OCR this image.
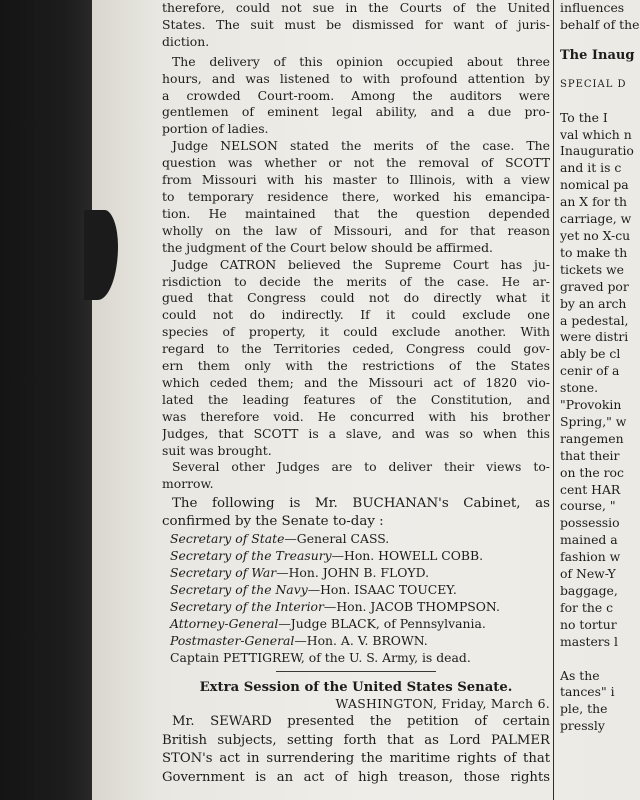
therefore, could not sue in the Courts of the United
States. The suit must be dismissed for want of juris-
diction.

The delivery of this opinion occupied about three
hours, and was listened to with profound attention by
a crowded Court-room. Among the auditors were
gentlemen of eminent legal ability, and a due pro-
portion of ladies.

Judge NELSON stated the merits of the case. The
question was whether or not the removal of SCOTT
from Missouri with his master to Illinois, with a view
to temporary residence there, worked his emancipa-
tion. He maintained that the question depended
wholly on the law of Missouri, and for that reason
the judgment of the Court below should be affirmed.

Judge CATRON believed the Supreme Court has ju-
risdiction to decide the merits of the case. He ar-
gued that Congress could not do directly what it
could not do indirectly. If it could exclude one
species of property, it could exclude another. With
regard to the Territories ceded, Congress could gov-
ern them only with the restrictions of the States
which ceded them; and the Missouri act of 1820 vio-
lated the leading features of the Constitution, and
was therefore void. He concurred with his brother
Judges, that SCOTT is a slave, and was so when this
suit was brought.

Several other Judges are to deliver their views to-
morrow.

The following is Mr. BUCHANAN's Cabinet, as
confirmed by the Senate to-day :

Secretary of State—General CASS.
Secretary of the Treasury—Hon. HOWELL COBB.
Secretary of War—Hon. JOHN B. FLOYD.
Secretary of the Navy—Hon. ISAAC TOUCEY.
Secretary of the Interior—Hon. JACOB THOMPSON.
Attorney-General—Judge BLACK, of Pennsylvania.
Postmaster-General—Hon. A. V. BROWN.
Captain PETTIGREW, of the U. S. Army, is dead.
Extra Session of the United States Senate.
WASHINGTON, Friday, March 6.

Mr. SEWARD presented the petition of certain
British subjects, setting forth that as Lord PALMER
STON's act in surrendering the maritime rights of that
Government is an act of high treason, those rights

influences
behalf of the
The Inaug
SPECIAL D
To the I
val which n
Inauguratio
and it is c
nomical pa
an X for th
carriage, w
yet no X-cu
to make th
tickets we
graved por
by an arch
a pedestal,
were distri
ably be cl
cenir of a
stone.
"Provokin
Spring," w
rangemen
that their
on the roc
cent HAR
course, "
possessio
mained a
fashion w
of New-Y
baggage,
for the c
no tortur
masters l

As the
tances" i
ple, the
pressly
